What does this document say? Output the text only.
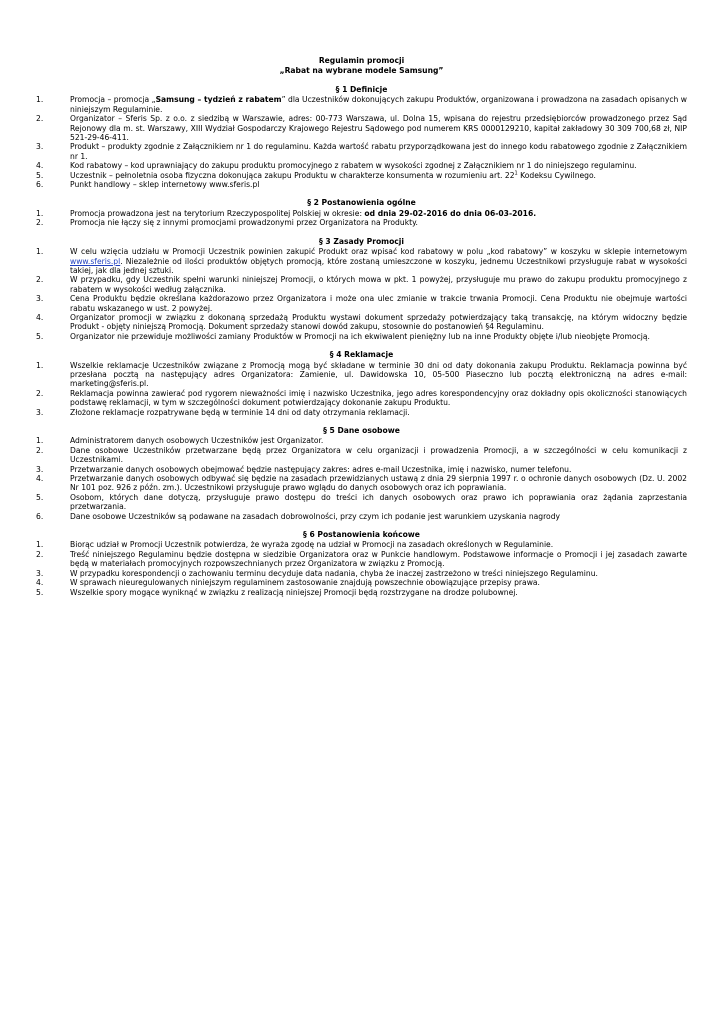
Regulamin promocji
„Rabat na wybrane modele Samsung”
§ 1 Definicje
1.	Promocja – promocja „Samsung – tydzień z rabatem” dla Uczestników dokonujących zakupu Produktów, organizowana i prowadzona na zasadach opisanych w niniejszym Regulaminie.
2.	Organizator – Sferis Sp. z o.o. z siedzibą w Warszawie, adres: 00-773 Warszawa, ul. Dolna 15, wpisana do rejestru przedsiębiorców prowadzonego przez Sąd Rejonowy dla m. st. Warszawy, XIII Wydział Gospodarczy Krajowego Rejestru Sądowego pod numerem KRS 0000129210, kapitał zakładowy 30 309 700,68 zł, NIP 521-29-46-411.
3.	Produkt – produkty zgodnie z Załącznikiem nr 1 do regulaminu. Każda wartość rabatu przyporządkowana jest do innego kodu rabatowego zgodnie z Załącznikiem nr 1.
4.	Kod rabatowy – kod uprawniający do zakupu produktu promocyjnego z rabatem w wysokości zgodnej z Załącznikiem nr 1 do niniejszego regulaminu.
5.	Uczestnik – pełnoletnia osoba fizyczna dokonująca zakupu Produktu w charakterze konsumenta w rozumieniu art. $22^1$ Kodeksu Cywilnego.
6.	Punkt handlowy – sklep internetowy www.sferis.pl
§ 2 Postanowienia ogólne
1.	Promocja prowadzona jest na terytorium Rzeczypospolitej Polskiej w okresie: od dnia 29-02-2016 do dnia 06-03-2016.
2.	Promocja nie łączy się z innymi promocjami prowadzonymi przez Organizatora na Produkty.
§ 3 Zasady Promocji
1.	W celu wzięcia udziału w Promocji Uczestnik powinien zakupić Produkt oraz wpisać kod rabatowy w polu „kod rabatowy” w koszyku w sklepie internetowym www.sferis.pl. Niezależnie od ilości produktów objętych promocją, które zostaną umieszczone w koszyku, jednemu Uczestnikowi przysługuje rabat w wysokości takiej, jak dla jednej sztuki.
2.	W przypadku, gdy Uczestnik spełni warunki niniejszej Promocji, o których mowa w pkt. 1 powyżej, przysługuje mu prawo do zakupu produktu promocyjnego z rabatem w wysokości według załącznika.
3.	Cena Produktu będzie określana każdorazowo przez Organizatora i może ona ulec zmianie w trakcie trwania Promocji. Cena Produktu nie obejmuje wartości rabatu wskazanego w ust. 2 powyżej.
4.	Organizator promocji w związku z dokonaną sprzedażą Produktu wystawi dokument sprzedaży potwierdzający taką transakcję, na którym widoczny będzie Produkt - objęty niniejszą Promocją. Dokument sprzedaży stanowi dowód zakupu, stosownie do postanowień §4 Regulaminu.
5.	Organizator nie przewiduje możliwości zamiany Produktów w Promocji na ich ekwiwalent pieniężny lub na inne Produkty objęte i/lub nieobjęte Promocją.
§ 4 Reklamacje
1.	Wszelkie reklamacje Uczestników związane z Promocją mogą być składane w terminie 30 dni od daty dokonania zakupu Produktu. Reklamacja powinna być przesłana pocztą na następujący adres Organizatora: Zamienie, ul. Dawidowska 10, 05-500 Piaseczno lub pocztą elektroniczną na adres e-mail: marketing@sferis.pl.
2.	Reklamacja powinna zawierać pod rygorem nieważności imię i nazwisko Uczestnika, jego adres korespondencyjny oraz dokładny opis okoliczności stanowiących podstawę reklamacji, w tym w szczególności dokument potwierdzający dokonanie zakupu Produktu.
3.	Złożone reklamacje rozpatrywane będą w terminie 14 dni od daty otrzymania reklamacji.
§ 5 Dane osobowe
1.	Administratorem danych osobowych Uczestników jest Organizator.
2.	Dane osobowe Uczestników przetwarzane będą przez Organizatora w celu organizacji i prowadzenia Promocji, a w szczególności w celu komunikacji z Uczestnikami.
3.	Przetwarzanie danych osobowych obejmować będzie następujący zakres: adres e-mail Uczestnika, imię i nazwisko, numer telefonu.
4.	Przetwarzanie danych osobowych odbywać się będzie na zasadach przewidzianych ustawą z dnia 29 sierpnia 1997 r. o ochronie danych osobowych (Dz. U. 2002 Nr 101 poz. 926 z późn. zm.). Uczestnikowi przysługuje prawo wglądu do danych osobowych oraz ich poprawiania.
5.	Osobom, których dane dotyczą, przysługuje prawo dostępu do treści ich danych osobowych oraz prawo ich poprawiania oraz żądania zaprzestania przetwarzania.
6.	Dane osobowe Uczestników są podawane na zasadach dobrowolności, przy czym ich podanie jest warunkiem uzyskania nagrody
§ 6 Postanowienia końcowe
1.	Biorąc udział w Promocji Uczestnik potwierdza, że wyraża zgodę na udział w Promocji na zasadach określonych w Regulaminie.
2.	Treść niniejszego Regulaminu będzie dostępna w siedzibie Organizatora oraz w Punkcie handlowym. Podstawowe informacje o Promocji i jej zasadach zawarte będą w materiałach promocyjnych rozpowszechnianych przez Organizatora w związku z Promocją.
3.	W przypadku korespondencji o zachowaniu terminu decyduje data nadania, chyba że inaczej zastrzeżono w treści niniejszego Regulaminu.
4.	W sprawach nieuregulowanych niniejszym regulaminem zastosowanie znajdują powszechnie obowiązujące przepisy prawa.
5.	Wszelkie spory mogące wyniknąć w związku z realizacją niniejszej Promocji będą rozstrzygane na drodze polubownej.
